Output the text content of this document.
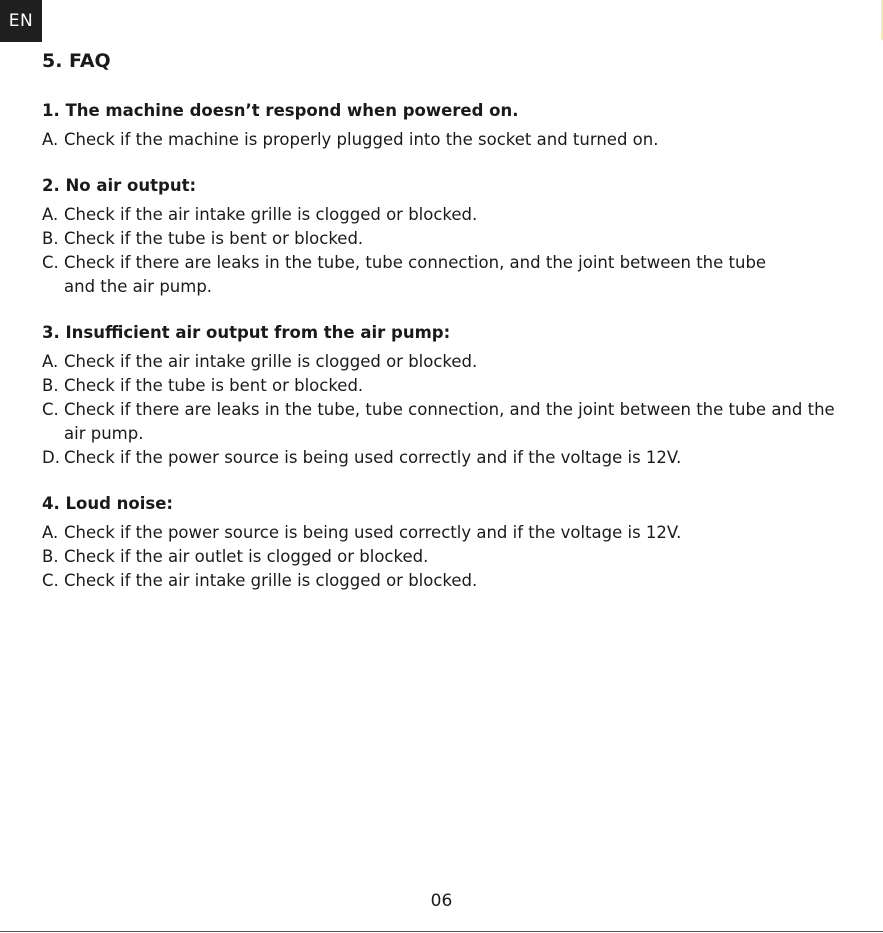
EN
5. FAQ
1. The machine doesn’t respond when powered on.
A. Check if the machine is properly plugged into the socket and turned on.
2. No air output:
A. Check if the air intake grille is clogged or blocked.
B. Check if the tube is bent or blocked.
C. Check if there are leaks in the tube, tube connection, and the joint between the tube and the air pump.
3. Insufficient air output from the air pump:
A. Check if the air intake grille is clogged or blocked.
B. Check if the tube is bent or blocked.
C. Check if there are leaks in the tube, tube connection, and the joint between the tube and the air pump.
D. Check if the power source is being used correctly and if the voltage is 12V.
4. Loud noise:
A. Check if the power source is being used correctly and if the voltage is 12V.
B. Check if the air outlet is clogged or blocked.
C. Check if the air intake grille is clogged or blocked.
06
